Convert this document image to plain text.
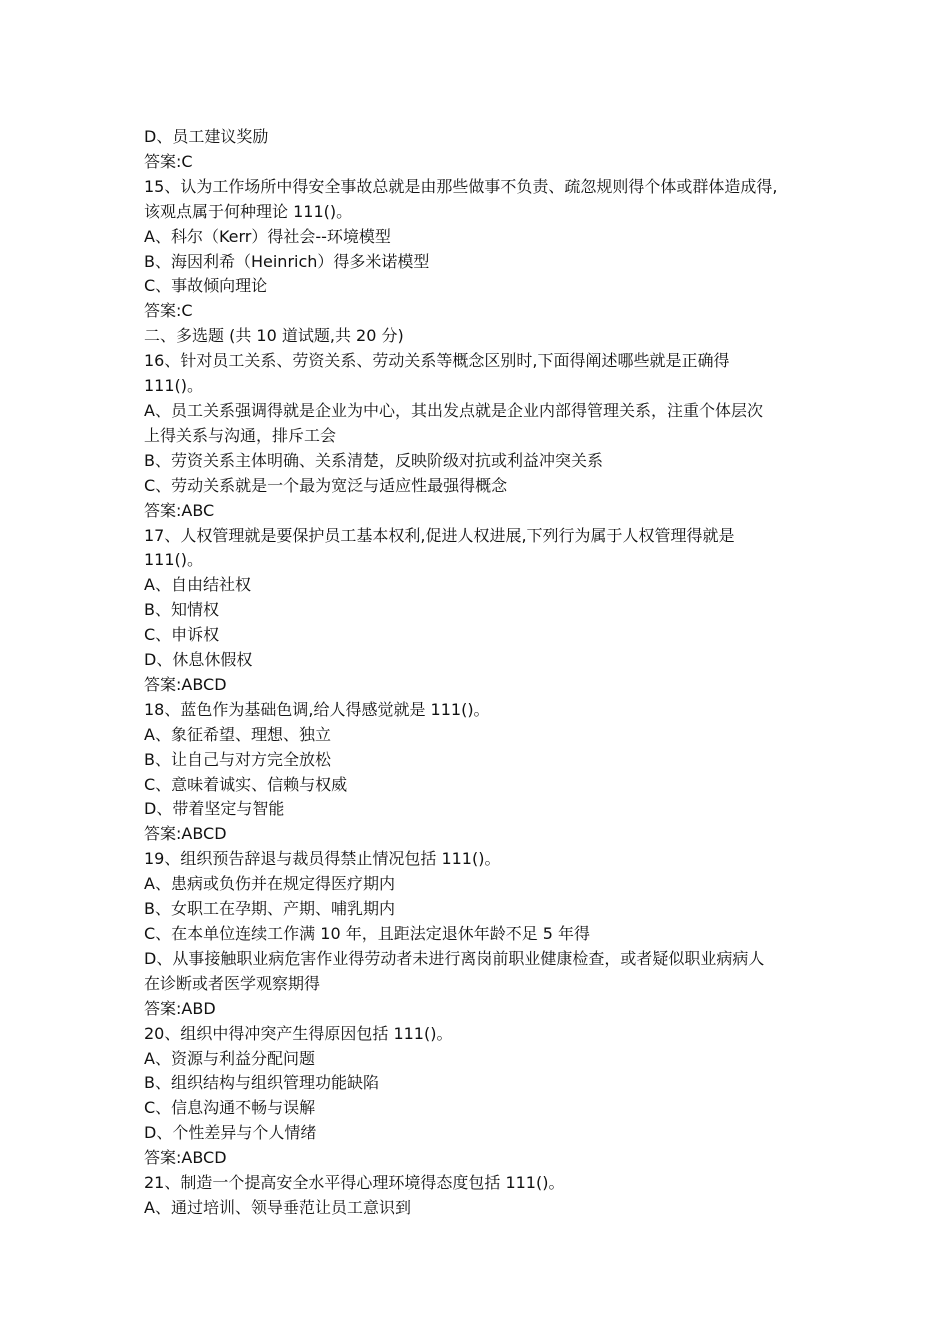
D、员工建议奖励
答案:C
15、认为工作场所中得安全事故总就是由那些做事不负责、疏忽规则得个体或群体造成得,
该观点属于何种理论 111()。
A、科尔（Kerr）得社会--环境模型
B、海因利希（Heinrich）得多米诺模型
C、事故倾向理论
答案:C
二、多选题 (共 10 道试题,共 20 分)
16、针对员工关系、劳资关系、劳动关系等概念区别时,下面得阐述哪些就是正确得
111()。
A、员工关系强调得就是企业为中心，其出发点就是企业内部得管理关系，注重个体层次
上得关系与沟通，排斥工会
B、劳资关系主体明确、关系清楚，反映阶级对抗或利益冲突关系
C、劳动关系就是一个最为宽泛与适应性最强得概念
答案:ABC
17、人权管理就是要保护员工基本权利,促进人权进展,下列行为属于人权管理得就是
111()。
A、自由结社权
B、知情权
C、申诉权
D、休息休假权
答案:ABCD
18、蓝色作为基础色调,给人得感觉就是 111()。
A、象征希望、理想、独立
B、让自己与对方完全放松
C、意味着诚实、信赖与权威
D、带着坚定与智能
答案:ABCD
19、组织预告辞退与裁员得禁止情况包括 111()。
A、患病或负伤并在规定得医疗期内
B、女职工在孕期、产期、哺乳期内
C、在本单位连续工作满 10 年，且距法定退休年龄不足 5 年得
D、从事接触职业病危害作业得劳动者未进行离岗前职业健康检查，或者疑似职业病病人
在诊断或者医学观察期得
答案:ABD
20、组织中得冲突产生得原因包括 111()。
A、资源与利益分配问题
B、组织结构与组织管理功能缺陷
C、信息沟通不畅与误解
D、个性差异与个人情绪
答案:ABCD
21、制造一个提高安全水平得心理环境得态度包括 111()。
A、通过培训、领导垂范让员工意识到
